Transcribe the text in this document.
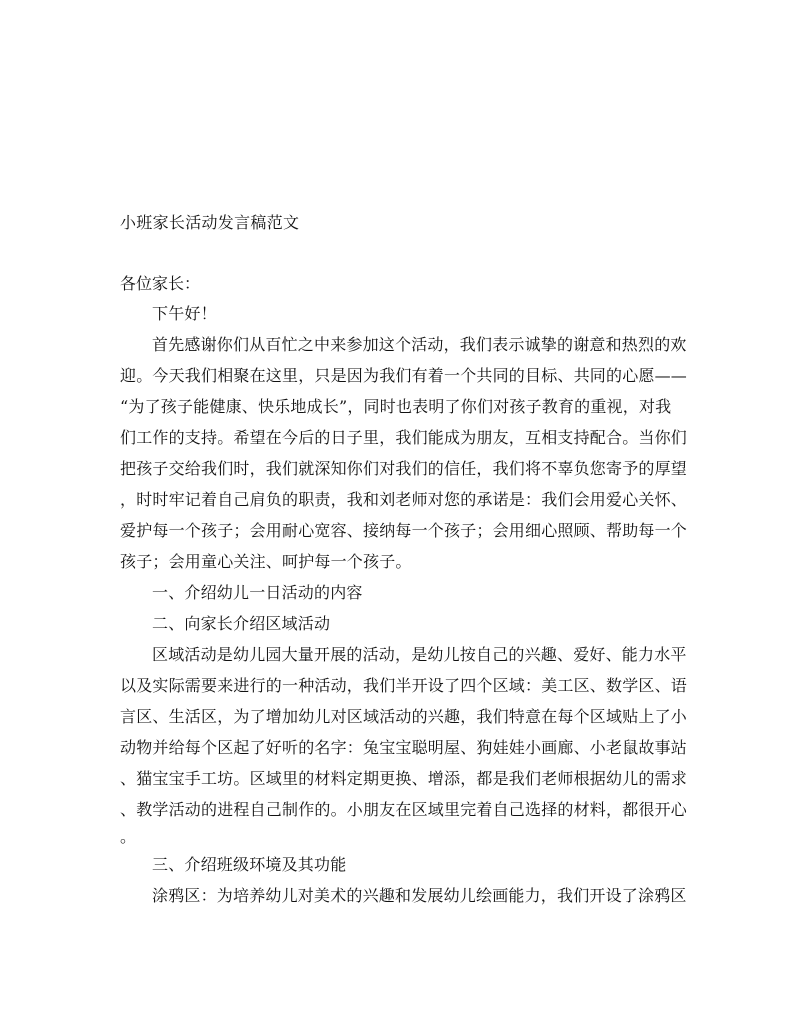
小班家长活动发言稿范文
各位家长：
下午好！
首先感谢你们从百忙之中来参加这个活动，我们表示诚挚的谢意和热烈的欢
迎。今天我们相聚在这里，只是因为我们有着一个共同的目标、共同的心愿——
“为了孩子能健康、快乐地成长”，同时也表明了你们对孩子教育的重视，对我
们工作的支持。希望在今后的日子里，我们能成为朋友，互相支持配合。当你们
把孩子交给我们时，我们就深知你们对我们的信任，我们将不辜负您寄予的厚望
，时时牢记着自己肩负的职责，我和刘老师对您的承诺是：我们会用爱心关怀、
爱护每一个孩子；会用耐心宽容、接纳每一个孩子；会用细心照顾、帮助每一个
孩子；会用童心关注、呵护每一个孩子。
一、介绍幼儿一日活动的内容
二、向家长介绍区域活动
区域活动是幼儿园大量开展的活动，是幼儿按自己的兴趣、爱好、能力水平
以及实际需要来进行的一种活动，我们半开设了四个区域：美工区、数学区、语
言区、生活区，为了增加幼儿对区域活动的兴趣，我们特意在每个区域贴上了小
动物并给每个区起了好听的名字：兔宝宝聪明屋、狗娃娃小画廊、小老鼠故事站
、猫宝宝手工坊。区域里的材料定期更换、增添，都是我们老师根据幼儿的需求
、教学活动的进程自己制作的。小朋友在区域里完着自己选择的材料，都很开心
。
三、介绍班级环境及其功能
涂鸦区：为培养幼儿对美术的兴趣和发展幼儿绘画能力，我们开设了涂鸦区
